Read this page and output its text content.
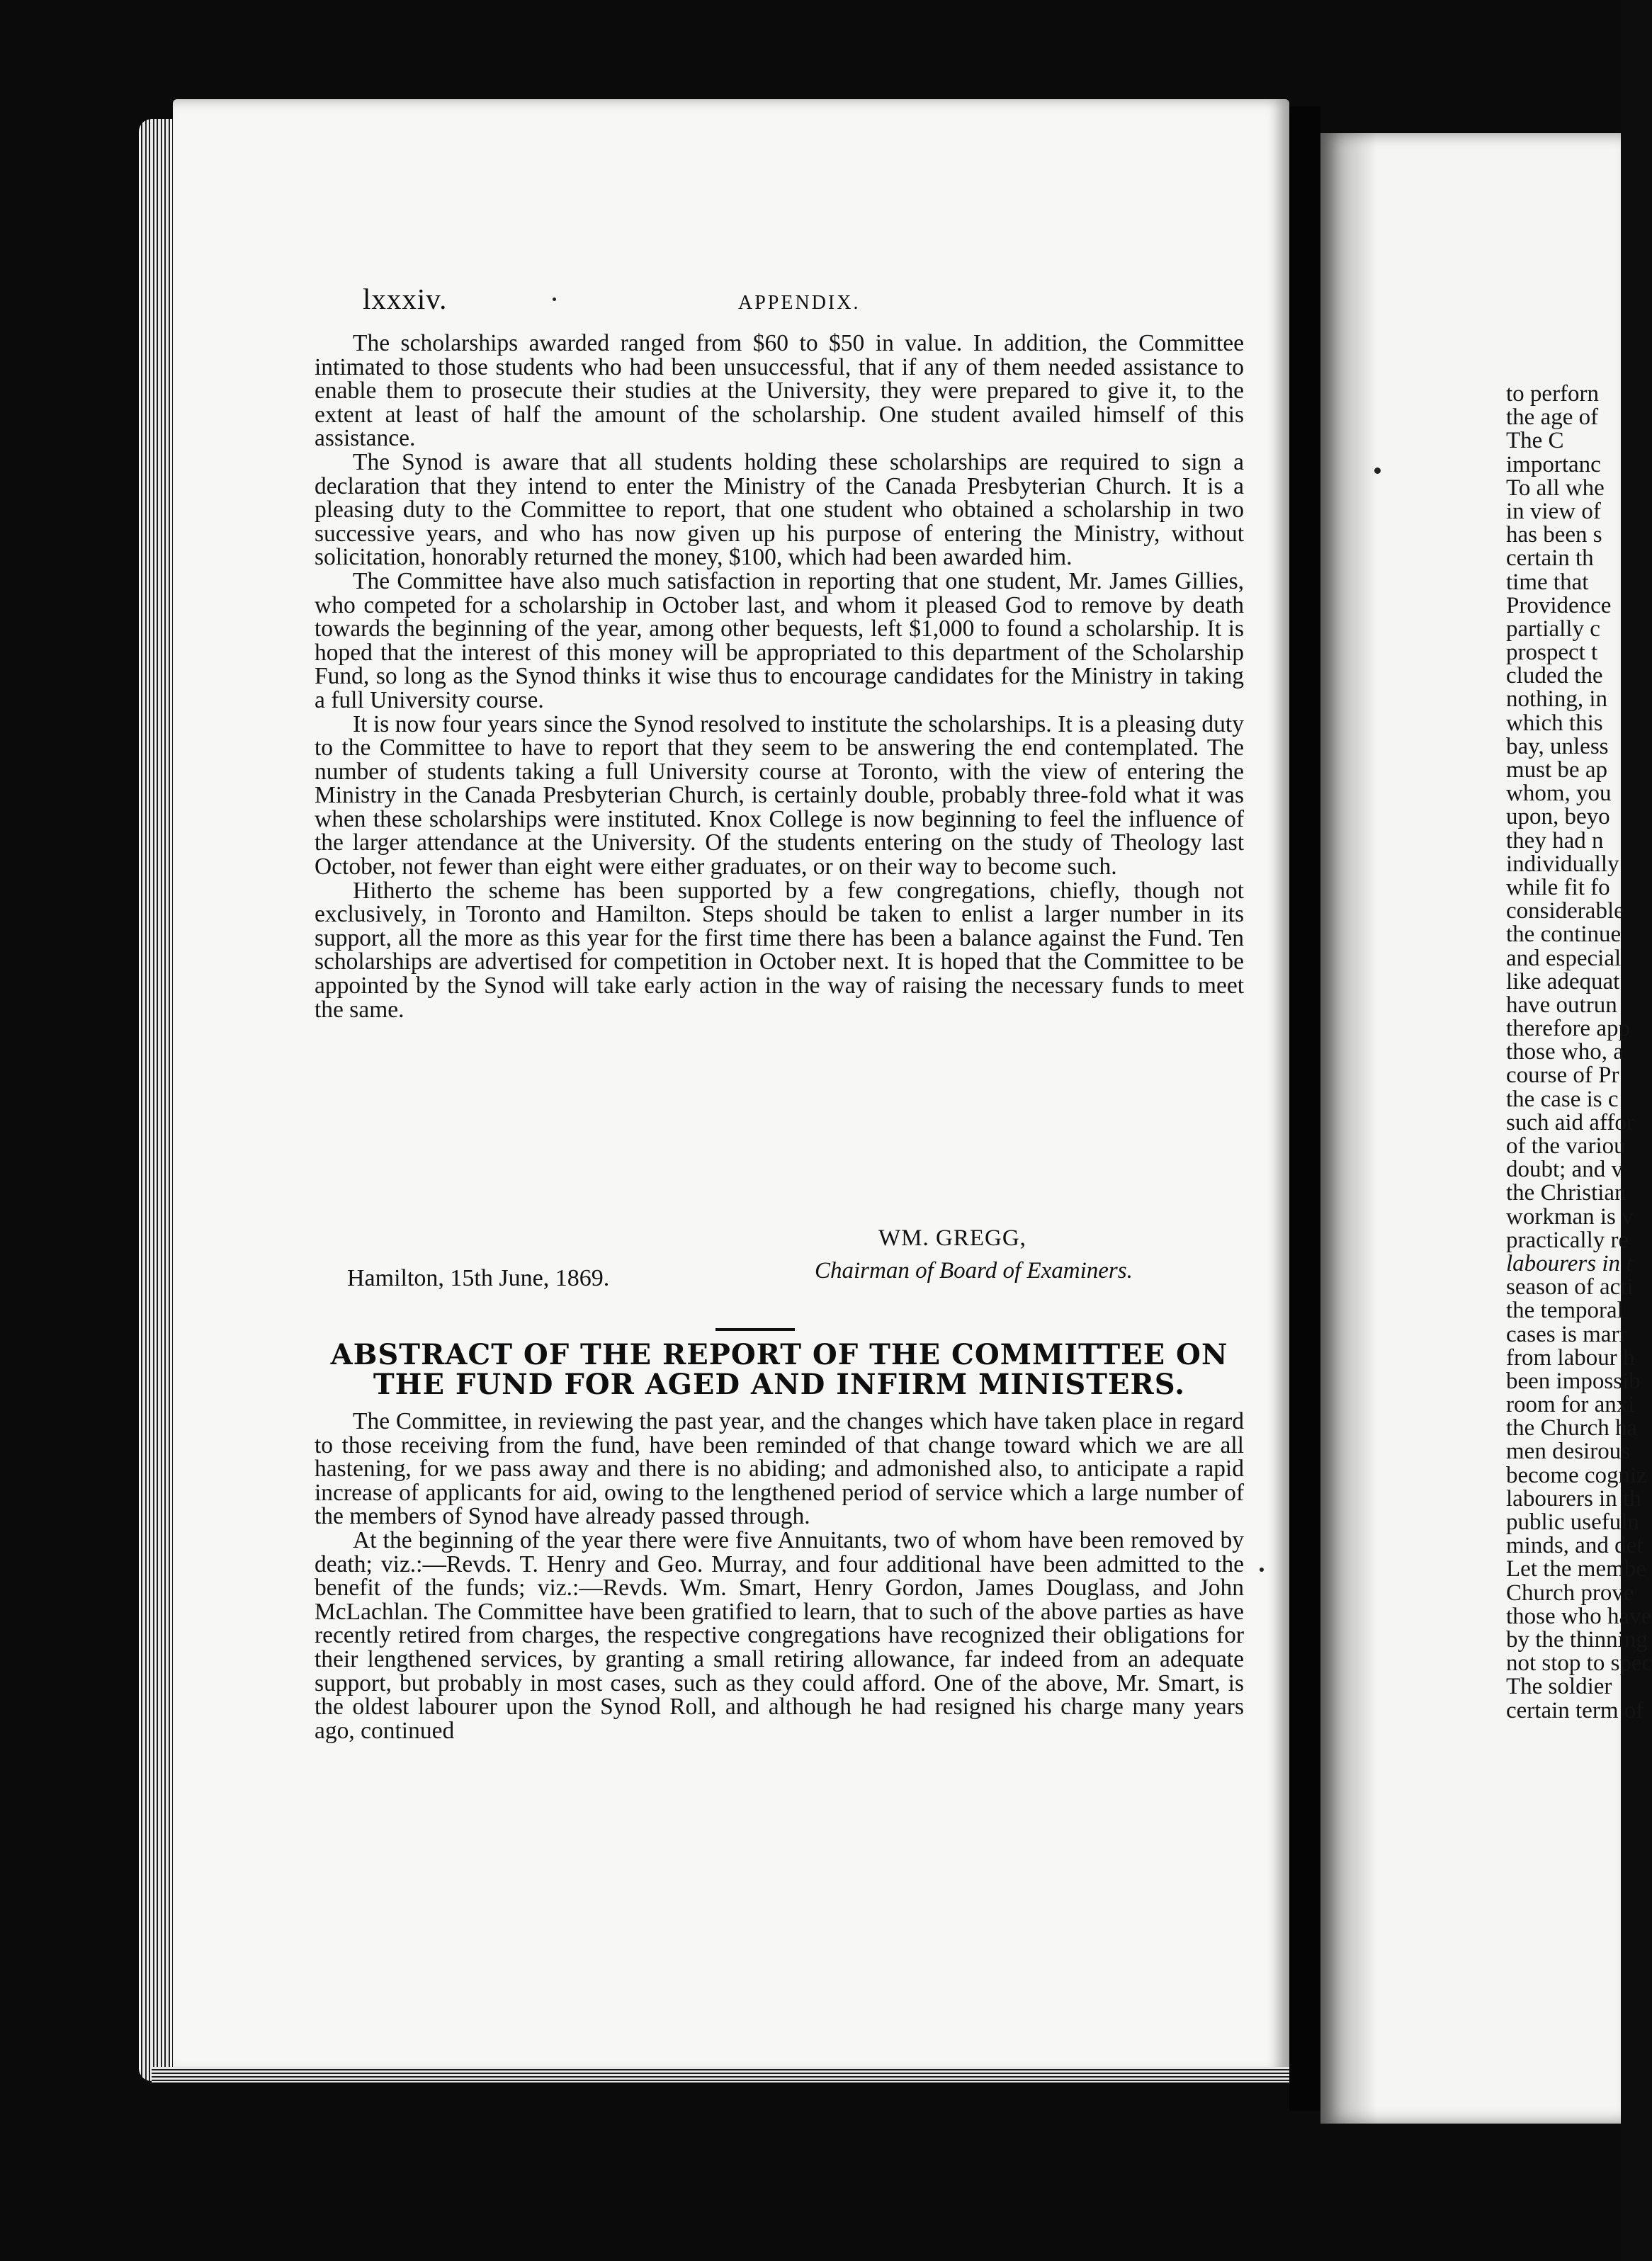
lxxxiv.	APPENDIX.

The scholarships awarded ranged from $60 to $50 in value. In addition, the Committee intimated to those students who had been unsuccessful, that if any of them needed assistance to enable them to prosecute their studies at the University, they were prepared to give it, to the extent at least of half the amount of the scholarship. One student availed himself of this assistance.

The Synod is aware that all students holding these scholarships are required to sign a declaration that they intend to enter the Ministry of the Canada Presbyterian Church. It is a pleasing duty to the Committee to report, that one student who obtained a scholarship in two successive years, and who has now given up his purpose of entering the Ministry, without solicitation, honorably returned the money, $100, which had been awarded him.

The Committee have also much satisfaction in reporting that one student, Mr. James Gillies, who competed for a scholarship in October last, and whom it pleased God to remove by death towards the beginning of the year, among other bequests, left $1,000 to found a scholarship. It is hoped that the interest of this money will be appropriated to this department of the Scholarship Fund, so long as the Synod thinks it wise thus to encourage candidates for the Ministry in taking a full University course.

It is now four years since the Synod resolved to institute the scholarships. It is a pleasing duty to the Committee to have to report that they seem to be answering the end contemplated. The number of students taking a full University course at Toronto, with the view of entering the Ministry in the Canada Presbyterian Church, is certainly double, probably three-fold what it was when these scholarships were instituted. Knox College is now beginning to feel the influence of the larger attendance at the University. Of the students entering on the study of Theology last October, not fewer than eight were either graduates, or on their way to become such.

Hitherto the scheme has been supported by a few congregations, chiefly, though not exclusively, in Toronto and Hamilton. Steps should be taken to enlist a larger number in its support, all the more as this year for the first time there has been a balance against the Fund. Ten scholarships are advertised for competition in October next. It is hoped that the Committee to be appointed by the Synod will take early action in the way of raising the necessary funds to meet the same.

WM. GREGG,
Chairman of Board of Examiners.
Hamilton, 15th June, 1869.
ABSTRACT OF THE REPORT OF THE COMMITTEE ON THE FUND FOR AGED AND INFIRM MINISTERS.

The Committee, in reviewing the past year, and the changes which have taken place in regard to those receiving from the fund, have been reminded of that change toward which we are all hastening, for we pass away and there is no abiding; and admonished also, to anticipate a rapid increase of applicants for aid, owing to the lengthened period of service which a large number of the members of Synod have already passed through.

At the beginning of the year there were five Annuitants, two of whom have been removed by death; viz.:—Revds. T. Henry and Geo. Murray, and four additional have been admitted to the benefit of the funds; viz.:—Revds. Wm. Smart, Henry Gordon, James Douglass, and John McLachlan. The Committee have been gratified to learn, that to such of the above parties as have recently retired from charges, the respective congregations have recognized their obligations for their lengthened services, by granting a small retiring allowance, far indeed from an adequate support, but probably in most cases, such as they could afford. One of the above, Mr. Smart, is the oldest labourer upon the Synod Roll, and although he had resigned his charge many years ago, continued

to perforn
the age of
The C
importanc
To all whe
in view of
has been s
certain th
time that
Providence
partially c
prospect t
cluded the
nothing, in
which this
bay, unless
must be ap
whom, you
upon, beyo
they had n
individually
while fit fo
considerable
the continue
and especial
like adequat
have outrun
therefore app
those who, a
course of Pr
the case is c
such aid affor
of the variou
doubt; and v
the Christian
workman is v
practically re
labourers in t
season of acti
the temporal
cases is marr
from labour h
been impossib
room for anxi
the Church ha
men desirous
become cogniz
labourers in th
public usefuln
minds, and det
Let the membe
Church prove
those who have
by the thinning
not stop to spec
The soldier
certain term of
